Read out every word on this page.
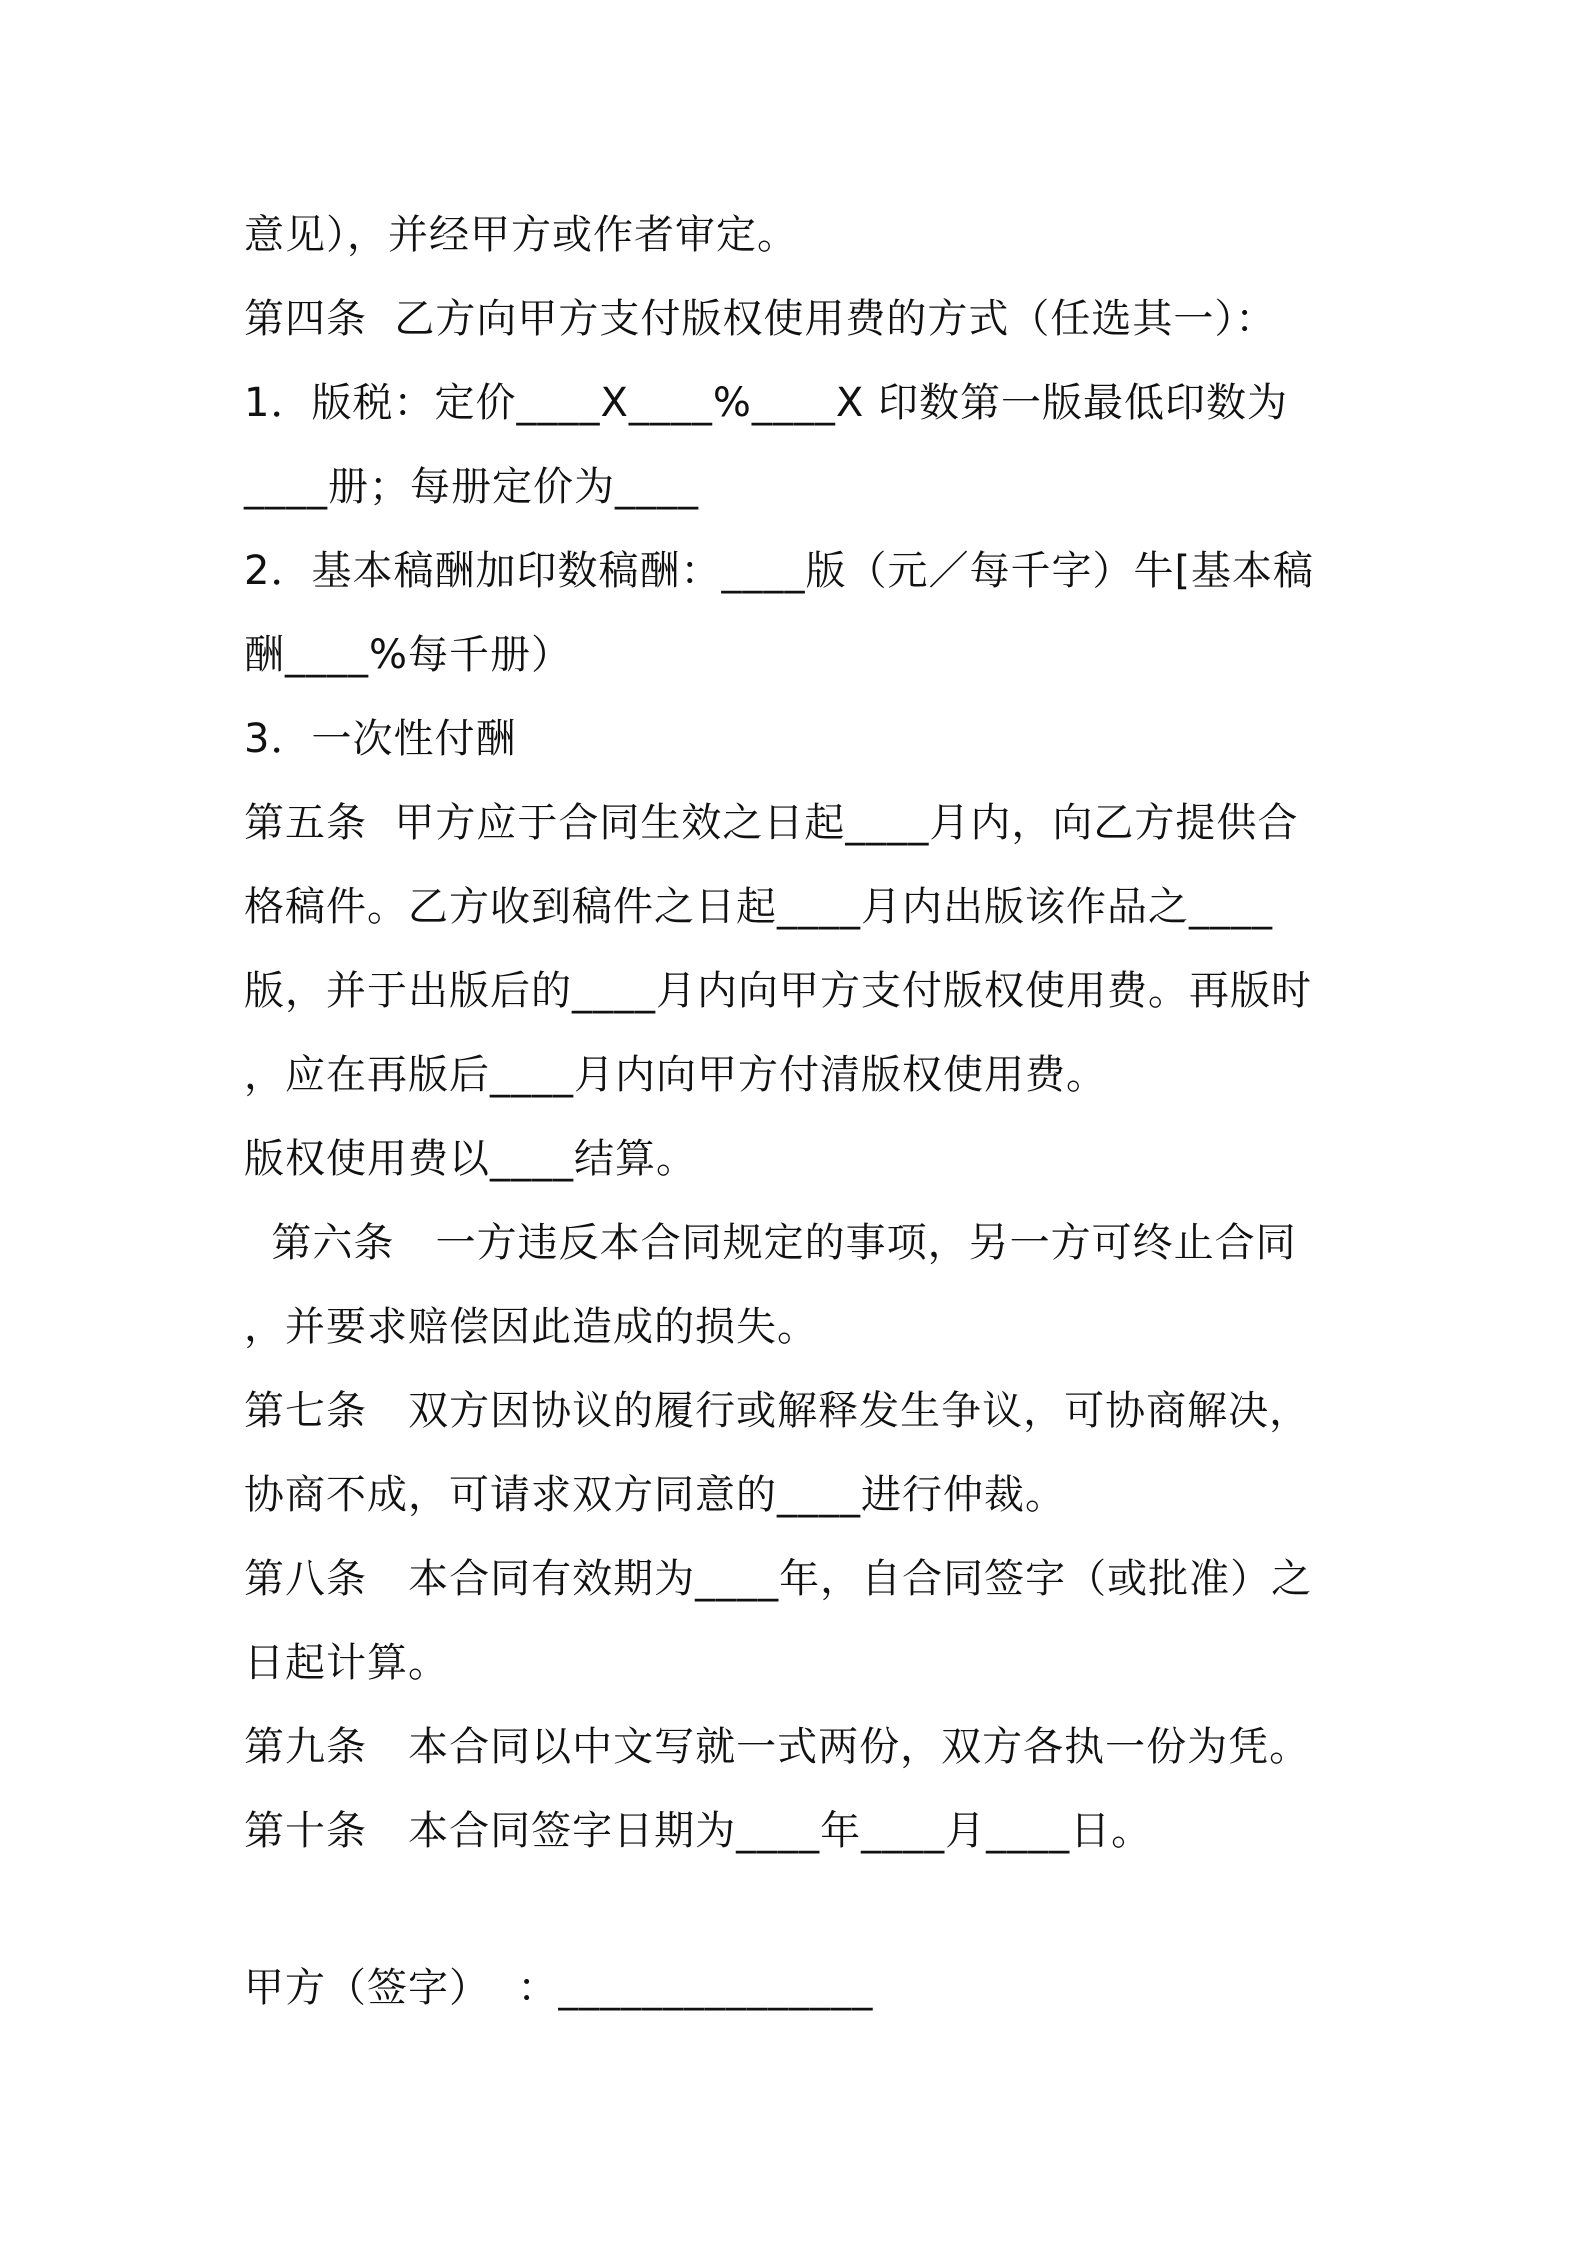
意见），并经甲方或作者审定。
第四条  乙方向甲方支付版权使用费的方式（任选其一）：
1．版税：定价____X____%____X 印数第一版最低印数为
____册；每册定价为____
2．基本稿酬加印数稿酬：____版（元／每千字）牛[基本稿
酬____%每千册）
3．一次性付酬
第五条  甲方应于合同生效之日起____月内，向乙方提供合
格稿件。乙方收到稿件之日起____月内出版该作品之____
版，并于出版后的____月内向甲方支付版权使用费。再版时
，应在再版后____月内向甲方付清版权使用费。
版权使用费以____结算。
第六条   一方违反本合同规定的事项，另一方可终止合同
，并要求赔偿因此造成的损失。
第七条   双方因协议的履行或解释发生争议，可协商解决，
协商不成，可请求双方同意的____进行仲裁。
第八条   本合同有效期为____年，自合同签字（或批准）之
日起计算。
第九条   本合同以中文写就一式两份，双方各执一份为凭。
第十条   本合同签字日期为____年____月____日。
甲方（签字）  ：_______________
